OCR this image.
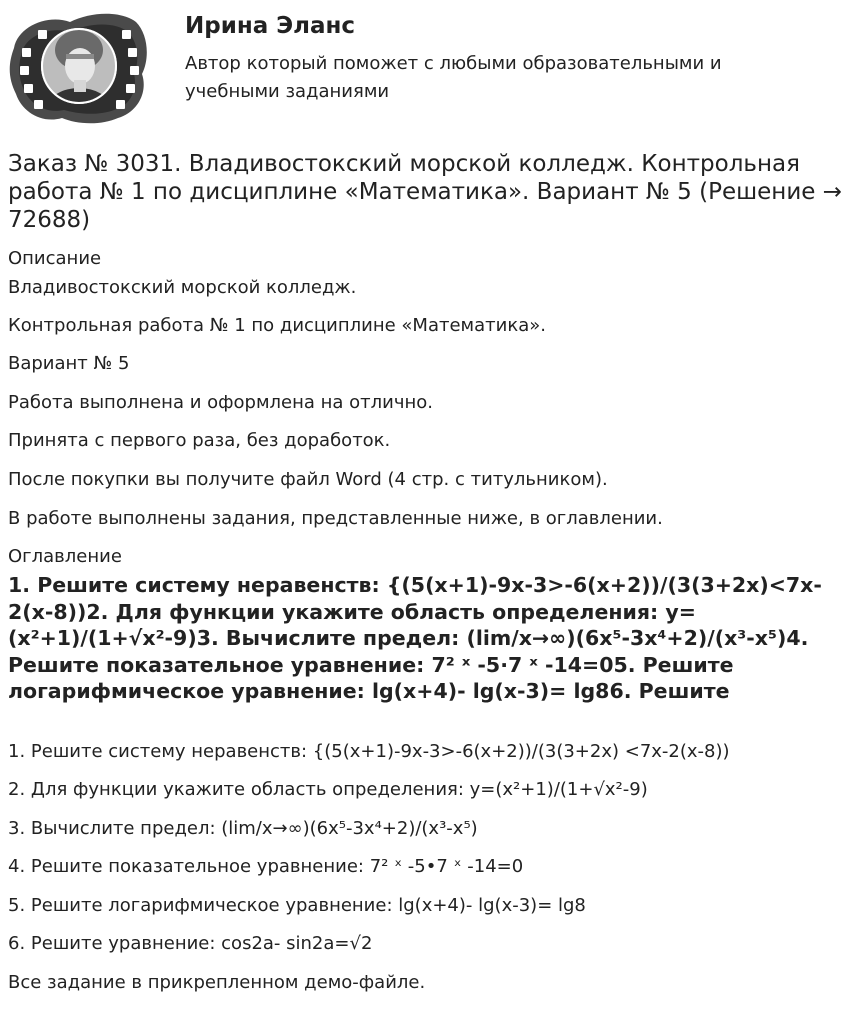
Ирина Эланс

Автор который поможет с любыми образовательными и учебными заданиями

Заказ № 3031. Владивостокский морской колледж. Контрольная работа № 1 по дисциплине «Математика». Вариант № 5 (Решение → 72688)

Описание

Владивостокский морской колледж.

Контрольная работа № 1 по дисциплине «Математика».

Вариант № 5

Работа выполнена и оформлена на отлично.

Принята с первого раза, без доработок.

После покупки вы получите файл Word (4 стр. с титульником).

В работе выполнены задания, представленные ниже, в оглавлении.

Оглавление

1. Решите систему неравенств: {(5(x+1)-9x-3>-6(x+2))/(3(3+2x)<7x-2(x-8))2. Для функции укажите область определения: y=(x²+1)/(1+√x²-9)3. Вычислите предел: (lim/x→∞)(6x⁵-3x⁴+2)/(x³-x⁵)4. Решите показательное уравнение: 7² ˣ -5·7 ˣ -14=05. Решите логарифмическое уравнение: lg(x+4)- lg(x-3)= lg86. Решите

1. Решите систему неравенств: {(5(x+1)-9x-3>-6(x+2))/(3(3+2x) <7x-2(x-8))

2. Для функции укажите область определения: y=(x²+1)/(1+√x²-9)

3. Вычислите предел: (lim/x→∞)(6x⁵-3x⁴+2)/(x³-x⁵)

4. Решите показательное уравнение: 7² ˣ -5•7 ˣ -14=0

5. Решите логарифмическое уравнение: lg(x+4)- lg(x-3)= lg8

6. Решите уравнение: cos2a- sin2a=√2

Все задание в прикрепленном демо-файле.
